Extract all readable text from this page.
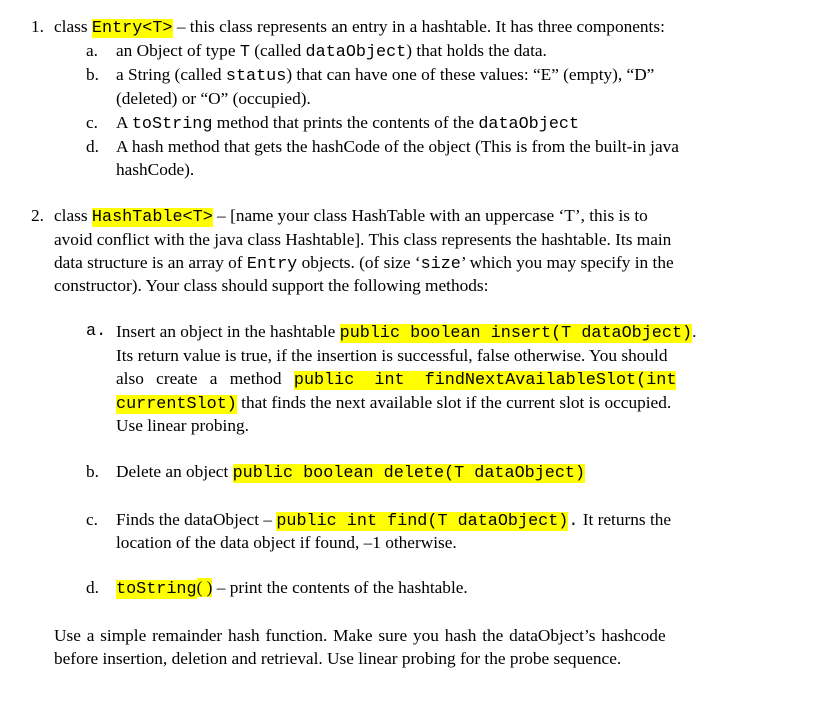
1. class Entry<T> – this class represents an entry in a hashtable. It has three components:
a. an Object of type T (called dataObject) that holds the data.
b. a String (called status) that can have one of these values: “E” (empty), “D”
(deleted) or “O” (occupied).
c. A toString method that prints the contents of the dataObject
d. A hash method that gets the hashCode of the object (This is from the built-in java
hashCode).
2. class HashTable<T> – [name your class HashTable with an uppercase ‘T’, this is to
avoid conflict with the java class Hashtable]. This class represents the hashtable. Its main
data structure is an array of Entry objects. (of size ‘size’ which you may specify in the
constructor). Your class should support the following methods:
a. Insert an object in the hashtable public boolean insert(T dataObject).
Its return value is true, if the insertion is successful, false otherwise. You should
also create a method public int findNextAvailableSlot(int
currentSlot) that finds the next available slot if the current slot is occupied.
Use linear probing.
b. Delete an object public boolean delete(T dataObject)
c. Finds the dataObject – public int find(T dataObject). It returns the
location of the data object if found, –1 otherwise.
d. toString( ) – print the contents of the hashtable.
Use a simple remainder hash function. Make sure you hash the dataObject’s hashcode
before insertion, deletion and retrieval. Use linear probing for the probe sequence.
